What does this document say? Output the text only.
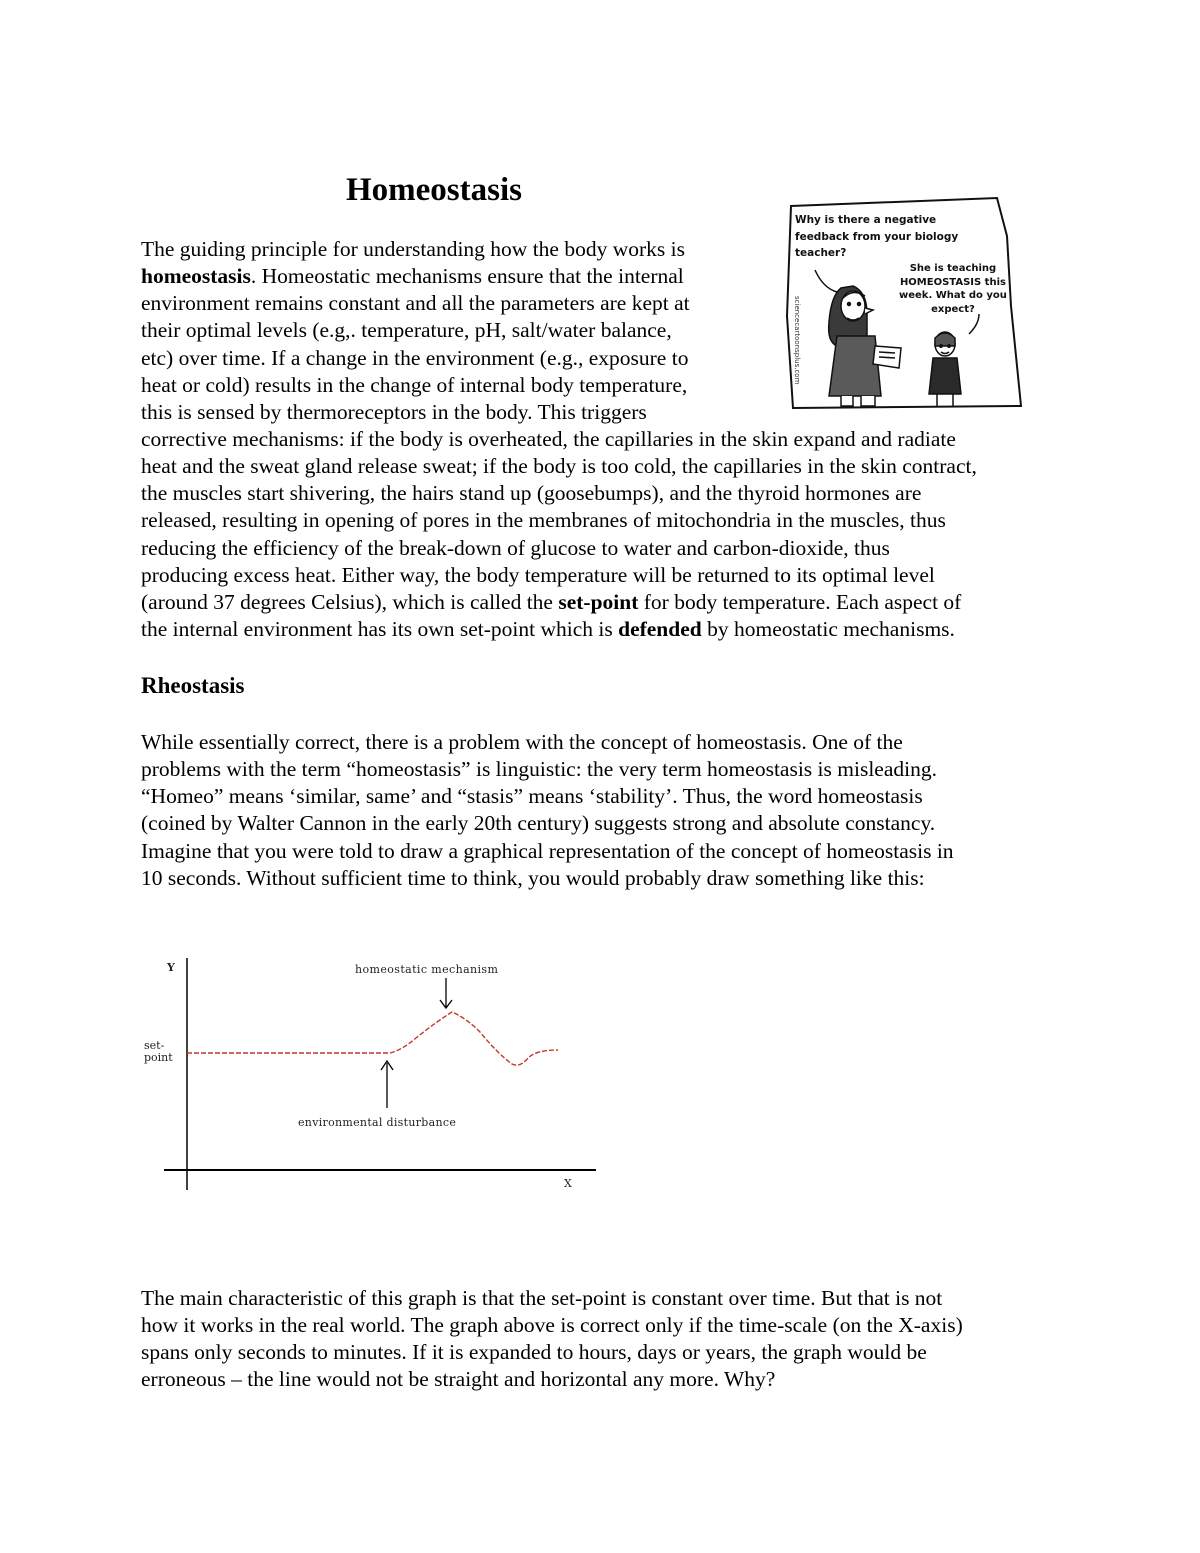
Homeostasis

Why is there a negative
feedback from your biology
teacher?

She is teaching
HOMEOSTASIS this
week. What do you
expect?

sciencecartoonsplus.com

The guiding principle for understanding how the body works is
homeostasis. Homeostatic mechanisms ensure that the internal
environment remains constant and all the parameters are kept at
their optimal levels (e.g,. temperature, pH, salt/water balance,
etc) over time. If a change in the environment (e.g., exposure to
heat or cold) results in the change of internal body temperature,
this is sensed by thermoreceptors in the body. This triggers
corrective mechanisms: if the body is overheated, the capillaries in the skin expand and radiate
heat and the sweat gland release sweat; if the body is too cold, the capillaries in the skin contract,
the muscles start shivering, the hairs stand up (goosebumps), and the thyroid hormones are
released, resulting in opening of pores in the membranes of mitochondria in the muscles, thus
reducing the efficiency of the break-down of glucose to water and carbon-dioxide, thus
producing excess heat. Either way, the body temperature will be returned to its optimal level
(around 37 degrees Celsius), which is called the set-point for body temperature. Each aspect of
the internal environment has its own set-point which is defended by homeostatic mechanisms.
Rheostasis
While essentially correct, there is a problem with the concept of homeostasis. One of the
problems with the term “homeostasis” is linguistic: the very term homeostasis is misleading.
“Homeo” means ‘similar, same’ and “stasis” means ‘stability’. Thus, the word homeostasis
(coined by Walter Cannon in the early 20th century) suggests strong and absolute constancy.
Imagine that you were told to draw a graphical representation of the concept of homeostasis in
10 seconds. Without sufficient time to think, you would probably draw something like this:

Y

X

set-
point

homeostatic mechanism

environmental disturbance

The main characteristic of this graph is that the set-point is constant over time. But that is not
how it works in the real world. The graph above is correct only if the time-scale (on the X-axis)
spans only seconds to minutes. If it is expanded to hours, days or years, the graph would be
erroneous – the line would not be straight and horizontal any more. Why?
